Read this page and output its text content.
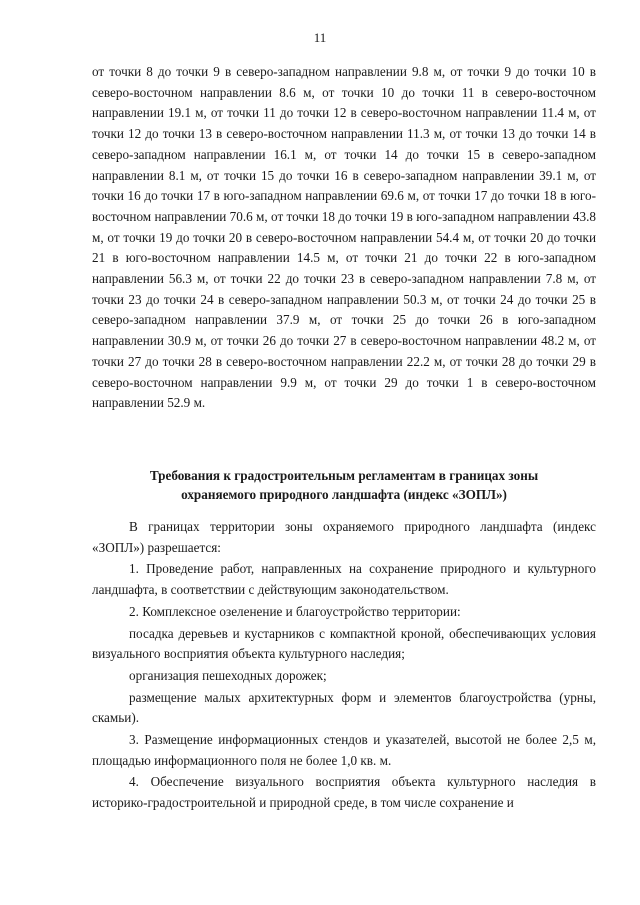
11

от точки 8 до точки 9 в северо-западном направлении 9.8 м, от точки 9 до точки 10 в северо-восточном направлении 8.6 м, от точки 10 до точки 11 в северо-восточном направлении 19.1 м, от точки 11 до точки 12 в северо-восточном направлении 11.4 м, от точки 12 до точки 13 в северо-восточном направлении 11.3 м, от точки 13 до точки 14 в северо-западном направлении 16.1 м, от точки 14 до точки 15 в северо-западном направлении 8.1 м, от точки 15 до точки 16 в северо-западном направлении 39.1 м, от точки 16 до точки 17 в юго-западном направлении 69.6 м, от точки 17 до точки 18 в юго-восточном направлении 70.6 м, от точки 18 до точки 19 в юго-западном направлении 43.8 м, от точки 19 до точки 20 в северо-восточном направлении 54.4 м, от точки 20 до точки 21 в юго-восточном направлении 14.5 м, от точки 21 до точки 22 в юго-западном направлении 56.3 м, от точки 22 до точки 23 в северо-западном направлении 7.8 м, от точки 23 до точки 24 в северо-западном направлении 50.3 м, от точки 24 до точки 25 в северо-западном направлении 37.9 м, от точки 25 до точки 26 в юго-западном направлении 30.9 м, от точки 26 до точки 27 в северо-восточном направлении 48.2 м, от точки 27 до точки 28 в северо-восточном направлении 22.2 м, от точки 28 до точки 29 в северо-восточном направлении 9.9 м, от точки 29 до точки 1 в северо-восточном направлении 52.9 м.

Требования к градостроительным регламентам в границах зоны
охраняемого природного ландшафта (индекс «ЗОПЛ»)

В границах территории зоны охраняемого природного ландшафта (индекс «ЗОПЛ») разрешается:

1. Проведение работ, направленных на сохранение природного и культурного ландшафта, в соответствии с действующим законодательством.

2. Комплексное озеленение и благоустройство территории:

посадка деревьев и кустарников с компактной кроной, обеспечивающих условия визуального восприятия объекта культурного наследия;

организация пешеходных дорожек;

размещение малых архитектурных форм и элементов благоустройства (урны, скамьи).

3. Размещение информационных стендов и указателей, высотой не более 2,5 м, площадью информационного поля не более 1,0 кв. м.

4. Обеспечение визуального восприятия объекта культурного наследия в историко-градостроительной и природной среде, в том числе сохранение и
